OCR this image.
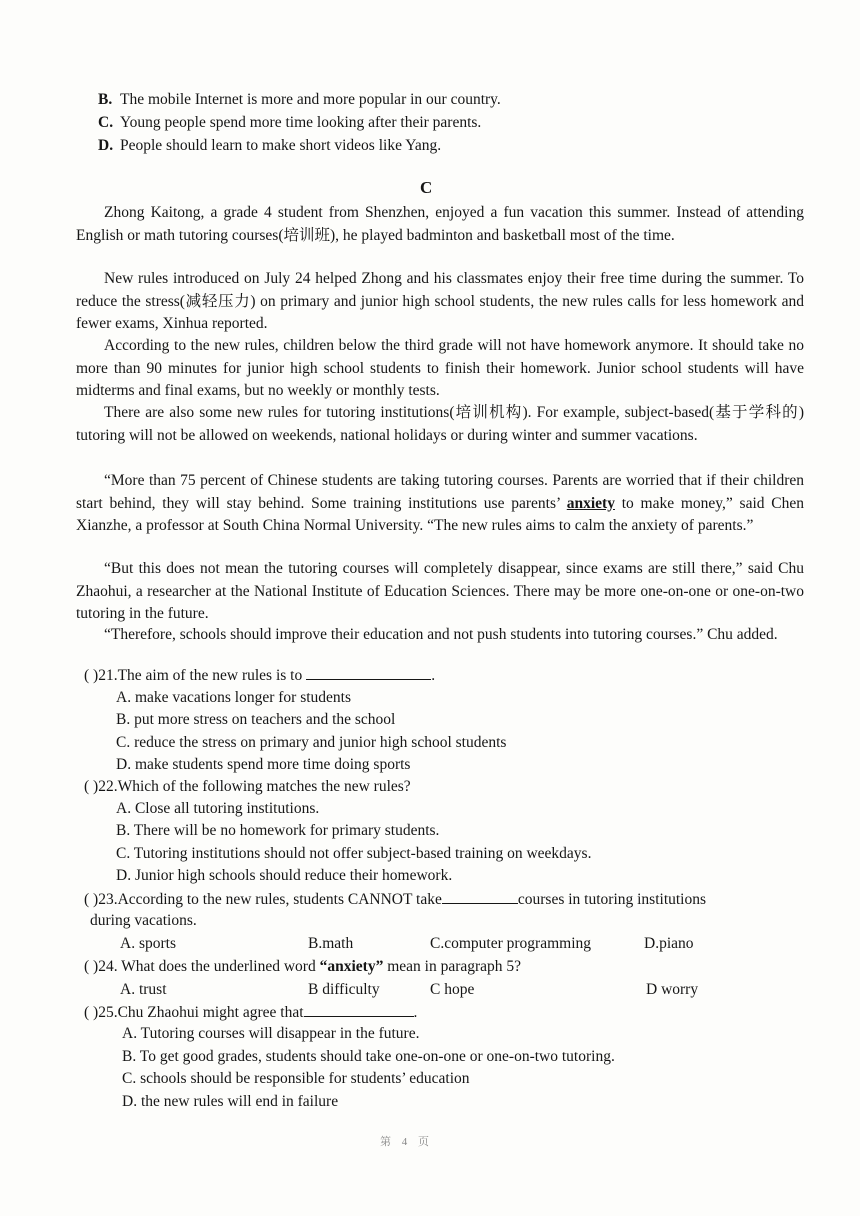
B. The mobile Internet is more and more popular in our country.
C. Young people spend more time looking after their parents.
D. People should learn to make short videos like Yang.
C
Zhong Kaitong, a grade 4 student from Shenzhen, enjoyed a fun vacation this summer. Instead of attending English or math tutoring courses(培训班), he played badminton and basketball most of the time.
New rules introduced on July 24 helped Zhong and his classmates enjoy their free time during the summer. To reduce the stress(减轻压力) on primary and junior high school students, the new rules calls for less homework and fewer exams, Xinhua reported.
According to the new rules, children below the third grade will not have homework anymore. It should take no more than 90 minutes for junior high school students to finish their homework. Junior school students will have midterms and final exams, but no weekly or monthly tests.
There are also some new rules for tutoring institutions(培训机构). For example, subject-based(基于学科的) tutoring will not be allowed on weekends, national holidays or during winter and summer vacations.
“More than 75 percent of Chinese students are taking tutoring courses. Parents are worried that if their children start behind, they will stay behind. Some training institutions use parents’ anxiety to make money,” said Chen Xianzhe, a professor at South China Normal University. “The new rules aims to calm the anxiety of parents.”
“But this does not mean the tutoring courses will completely disappear, since exams are still there,” said Chu Zhaohui, a researcher at the National Institute of Education Sciences. There may be more one-on-one or one-on-two tutoring in the future.
“Therefore, schools should improve their education and not push students into tutoring courses.” Chu added.
( )21.The aim of the new rules is to	.
A. make vacations longer for students
B. put more stress on teachers and the school
C. reduce the stress on primary and junior high school students
D. make students spend more time doing sports
( )22.Which of the following matches the new rules?
A. Close all tutoring institutions.
B. There will be no homework for primary students.
C. Tutoring institutions should not offer subject-based training on weekdays.
D. Junior high schools should reduce their homework.
( )23.According to the new rules, students CANNOT take	courses in tutoring institutions
during vacations.
A. sports	B.math	C.computer programming	D.piano
( )24. What does the underlined word “anxiety” mean in paragraph 5?
A. trust	B difficulty	C hope	D worry
( )25.Chu Zhaohui might agree that	.
A. Tutoring courses will disappear in the future.
B. To get good grades, students should take one-on-one or one-on-two tutoring.
C. schools should be responsible for students’ education
D. the new rules will end in failure
第 4 页
